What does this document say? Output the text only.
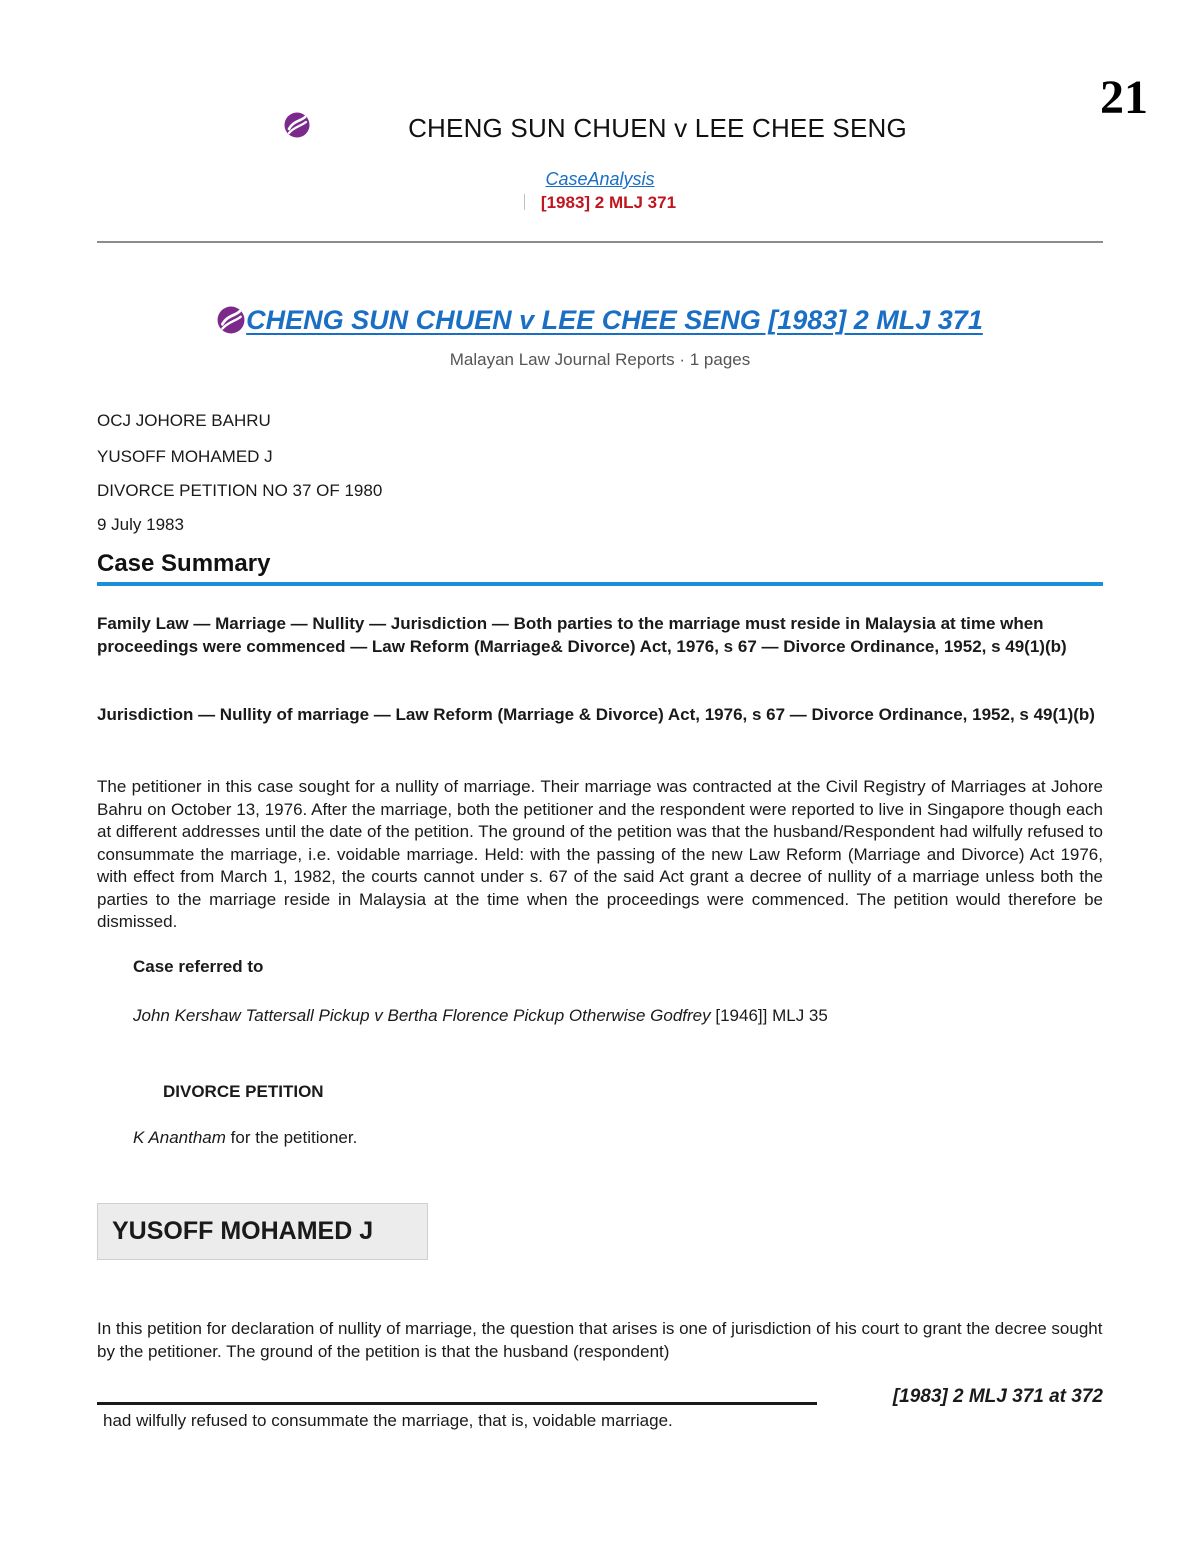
21
CHENG SUN CHUEN v LEE CHEE SENG
CaseAnalysis
[1983] 2 MLJ 371
CHENG SUN CHUEN v LEE CHEE SENG [1983] 2 MLJ 371
Malayan Law Journal Reports · 1 pages
OCJ JOHORE BAHRU
YUSOFF MOHAMED J
DIVORCE PETITION NO 37 OF 1980
9 July 1983
Case Summary
Family Law — Marriage — Nullity — Jurisdiction — Both parties to the marriage must reside in Malaysia at time when proceedings were commenced — Law Reform (Marriage& Divorce) Act, 1976, s 67 — Divorce Ordinance, 1952, s 49(1)(b)
Jurisdiction — Nullity of marriage — Law Reform (Marriage & Divorce) Act, 1976, s 67 — Divorce Ordinance, 1952, s 49(1)(b)
The petitioner in this case sought for a nullity of marriage. Their marriage was contracted at the Civil Registry of Marriages at Johore Bahru on October 13, 1976. After the marriage, both the petitioner and the respondent were reported to live in Singapore though each at different addresses until the date of the petition. The ground of the petition was that the husband/Respondent had wilfully refused to consummate the marriage, i.e. voidable marriage. Held: with the passing of the new Law Reform (Marriage and Divorce) Act 1976, with effect from March 1, 1982, the courts cannot under s. 67 of the said Act grant a decree of nullity of a marriage unless both the parties to the marriage reside in Malaysia at the time when the proceedings were commenced. The petition would therefore be dismissed.
Case referred to
John Kershaw Tattersall Pickup v Bertha Florence Pickup Otherwise Godfrey [1946]] MLJ 35
DIVORCE PETITION
K Anantham for the petitioner.
YUSOFF MOHAMED J
In this petition for declaration of nullity of marriage, the question that arises is one of jurisdiction of his court to grant the decree sought by the petitioner. The ground of the petition is that the husband (respondent)
[1983] 2 MLJ 371 at 372
had wilfully refused to consummate the marriage, that is, voidable marriage.
